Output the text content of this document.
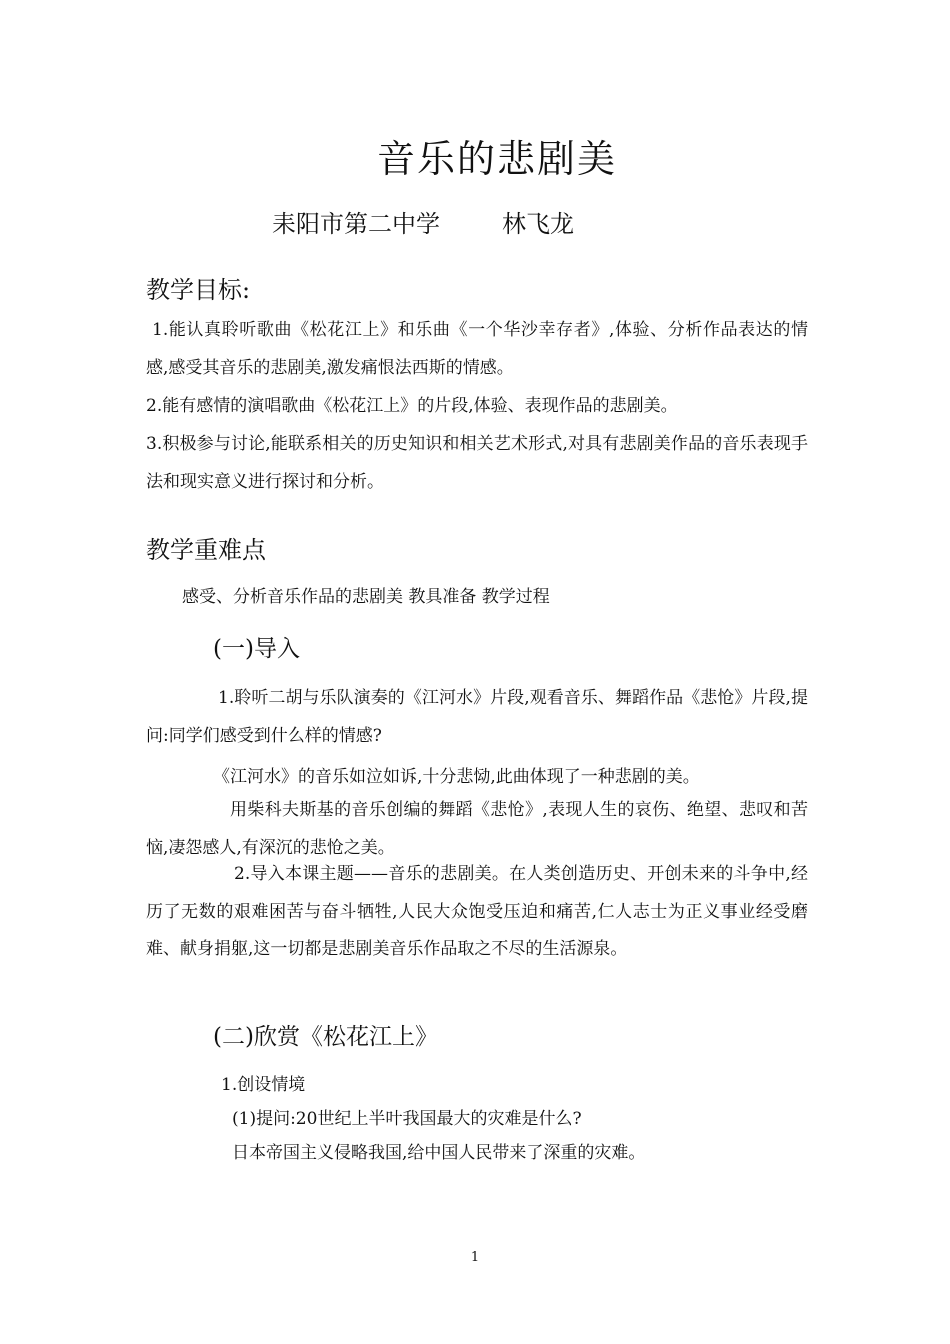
音乐的悲剧美
耒阳市第二中学	林飞龙
教学目标:
1.能认真聆听歌曲《松花江上》和乐曲《一个华沙幸存者》,体验、分析作品表达的情感,感受其音乐的悲剧美,激发痛恨法西斯的情感。
2.能有感情的演唱歌曲《松花江上》的片段,体验、表现作品的悲剧美。
3.积极参与讨论,能联系相关的历史知识和相关艺术形式,对具有悲剧美作品的音乐表现手法和现实意义进行探讨和分析。
教学重难点
感受、分析音乐作品的悲剧美 教具准备 教学过程
(一)导入
1.聆听二胡与乐队演奏的《江河水》片段,观看音乐、舞蹈作品《悲怆》片段,提问:同学们感受到什么样的情感?
《江河水》的音乐如泣如诉,十分悲恸,此曲体现了一种悲剧的美。
用柴科夫斯基的音乐创编的舞蹈《悲怆》,表现人生的哀伤、绝望、悲叹和苦恼,凄怨感人,有深沉的悲怆之美。
2.导入本课主题——音乐的悲剧美。在人类创造历史、开创未来的斗争中,经历了无数的艰难困苦与奋斗牺牲,人民大众饱受压迫和痛苦,仁人志士为正义事业经受磨难、献身捐躯,这一切都是悲剧美音乐作品取之不尽的生活源泉。
(二)欣赏《松花江上》
1.创设情境
(1)提问:20世纪上半叶我国最大的灾难是什么?
日本帝国主义侵略我国,给中国人民带来了深重的灾难。
1
